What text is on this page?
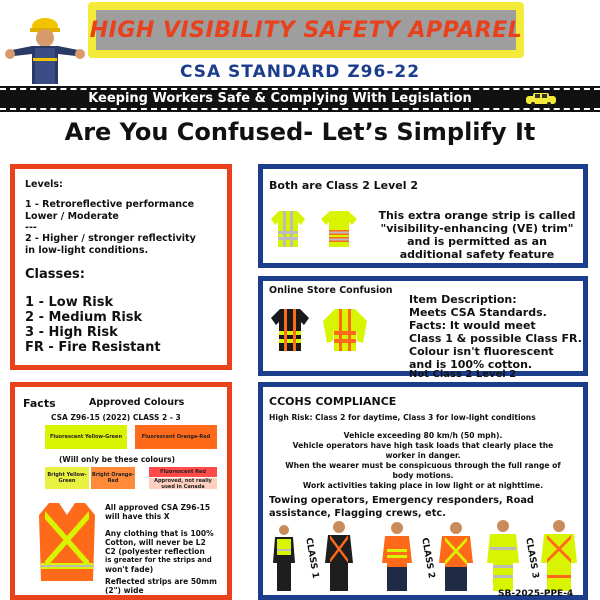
HIGH VISIBILITY SAFETY APPAREL
CSA STANDARD Z96-22
Keeping Workers Safe & Complying With Legislation
Are You Confused- Let’s Simplify It
Levels:
1 - Retroreflective performance
Lower / Moderate
---
2 - Higher / stronger reflectivity
in low-light conditions.
Classes:
1 - Low Risk
2 - Medium Risk
3 - High Risk
FR - Fire Resistant
Both are Class 2 Level 2
This extra orange strip is called
"visibility-enhancing (VE) trim"
and is permitted as an
additional safety feature
Online Store Confusion
Item Description:
Meets CSA Standards.
Facts: It would meet
Class 1 & possible Class FR.
Colour isn't fluorescent
and is 100% cotton.
Not Class 2 Level 2
Facts	Approved Colours
CSA Z96-15 (2022) CLASS 2 - 3
Fluorescent Yellow-Green	Fluorescent Orange-Red
(Will only be these colours)
Bright Yellow-Green
Bright Orange-Red
Fluorescent Red
Approved, not really used in Canada
All approved CSA Z96-15
will have this X
Any clothing that is 100%
Cotton, will never be L2
C2 (polyester reflection
is greater for the strips and
won't fade)
Reflected strips are 50mm
(2") wide
CCOHS COMPLIANCE
High Risk: Class 2 for daytime, Class 3 for low-light conditions
Vehicle exceeding 80 km/h (50 mph).
Vehicle operators have high task loads that clearly place the
worker in danger.
When the wearer must be conspicuous through the full range of
body motions.
Work activities taking place in low light or at nighttime.
Towing operators, Emergency responders, Road
assistance, Flagging crews, etc.
CLASS 1	CLASS 2	CLASS 3
SB-2025-PPE-4
